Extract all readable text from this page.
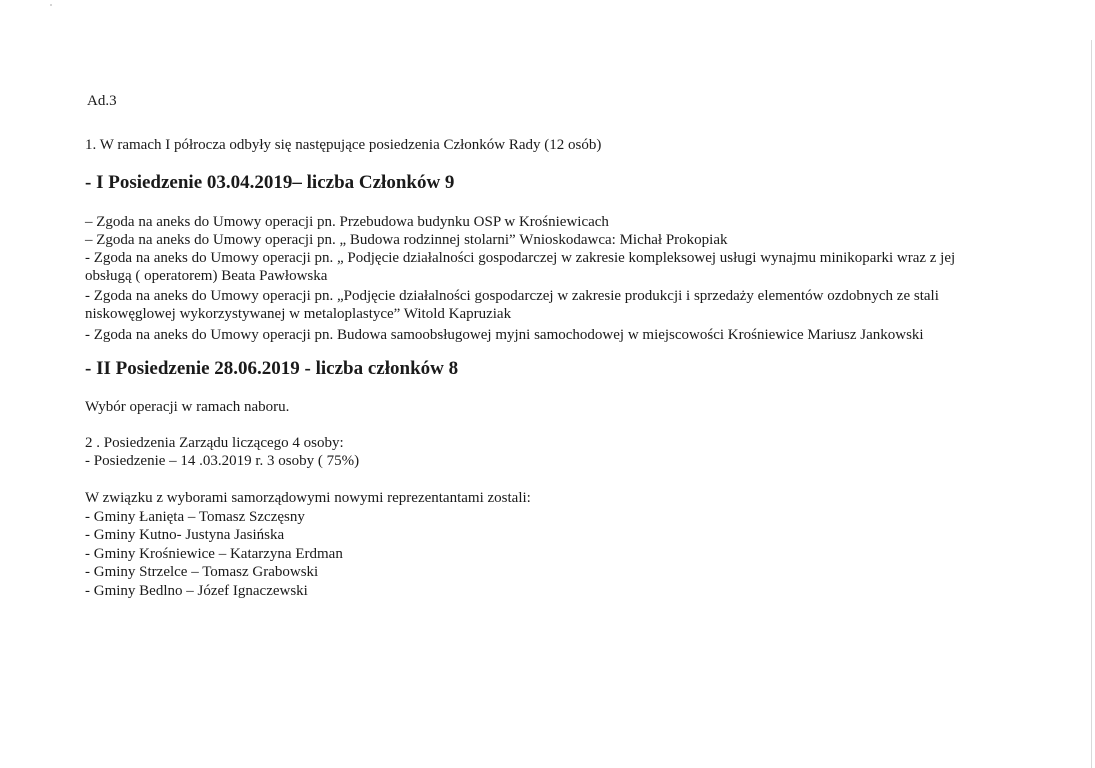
Ad.3
1. W ramach I półrocza odbyły się następujące posiedzenia Członków Rady (12 osób)
- I Posiedzenie 03.04.2019– liczba Członków 9
– Zgoda na aneks do Umowy operacji pn. Przebudowa budynku OSP w Krośniewicach
– Zgoda na aneks do Umowy operacji pn. „ Budowa rodzinnej stolarni” Wnioskodawca: Michał Prokopiak
- Zgoda na aneks do Umowy operacji pn. „ Podjęcie działalności gospodarczej w zakresie kompleksowej usługi wynajmu minikoparki wraz z jej
obsługą ( operatorem) Beata Pawłowska
- Zgoda na aneks do Umowy operacji pn. „Podjęcie działalności gospodarczej w zakresie produkcji i sprzedaży elementów ozdobnych ze stali
niskowęglowej wykorzystywanej w metaloplastyce” Witold Kapruziak
- Zgoda na aneks do Umowy operacji pn. Budowa samoobsługowej myjni samochodowej w miejscowości Krośniewice Mariusz Jankowski
- II Posiedzenie 28.06.2019 - liczba członków 8
Wybór operacji w ramach naboru.
2 . Posiedzenia Zarządu liczącego 4 osoby:
- Posiedzenie – 14 .03.2019 r. 3 osoby ( 75%)
W związku z wyborami samorządowymi nowymi reprezentantami zostali:
- Gminy Łanięta – Tomasz Szczęsny
- Gminy Kutno- Justyna Jasińska
- Gminy Krośniewice – Katarzyna Erdman
- Gminy Strzelce – Tomasz Grabowski
- Gminy Bedlno – Józef Ignaczewski
